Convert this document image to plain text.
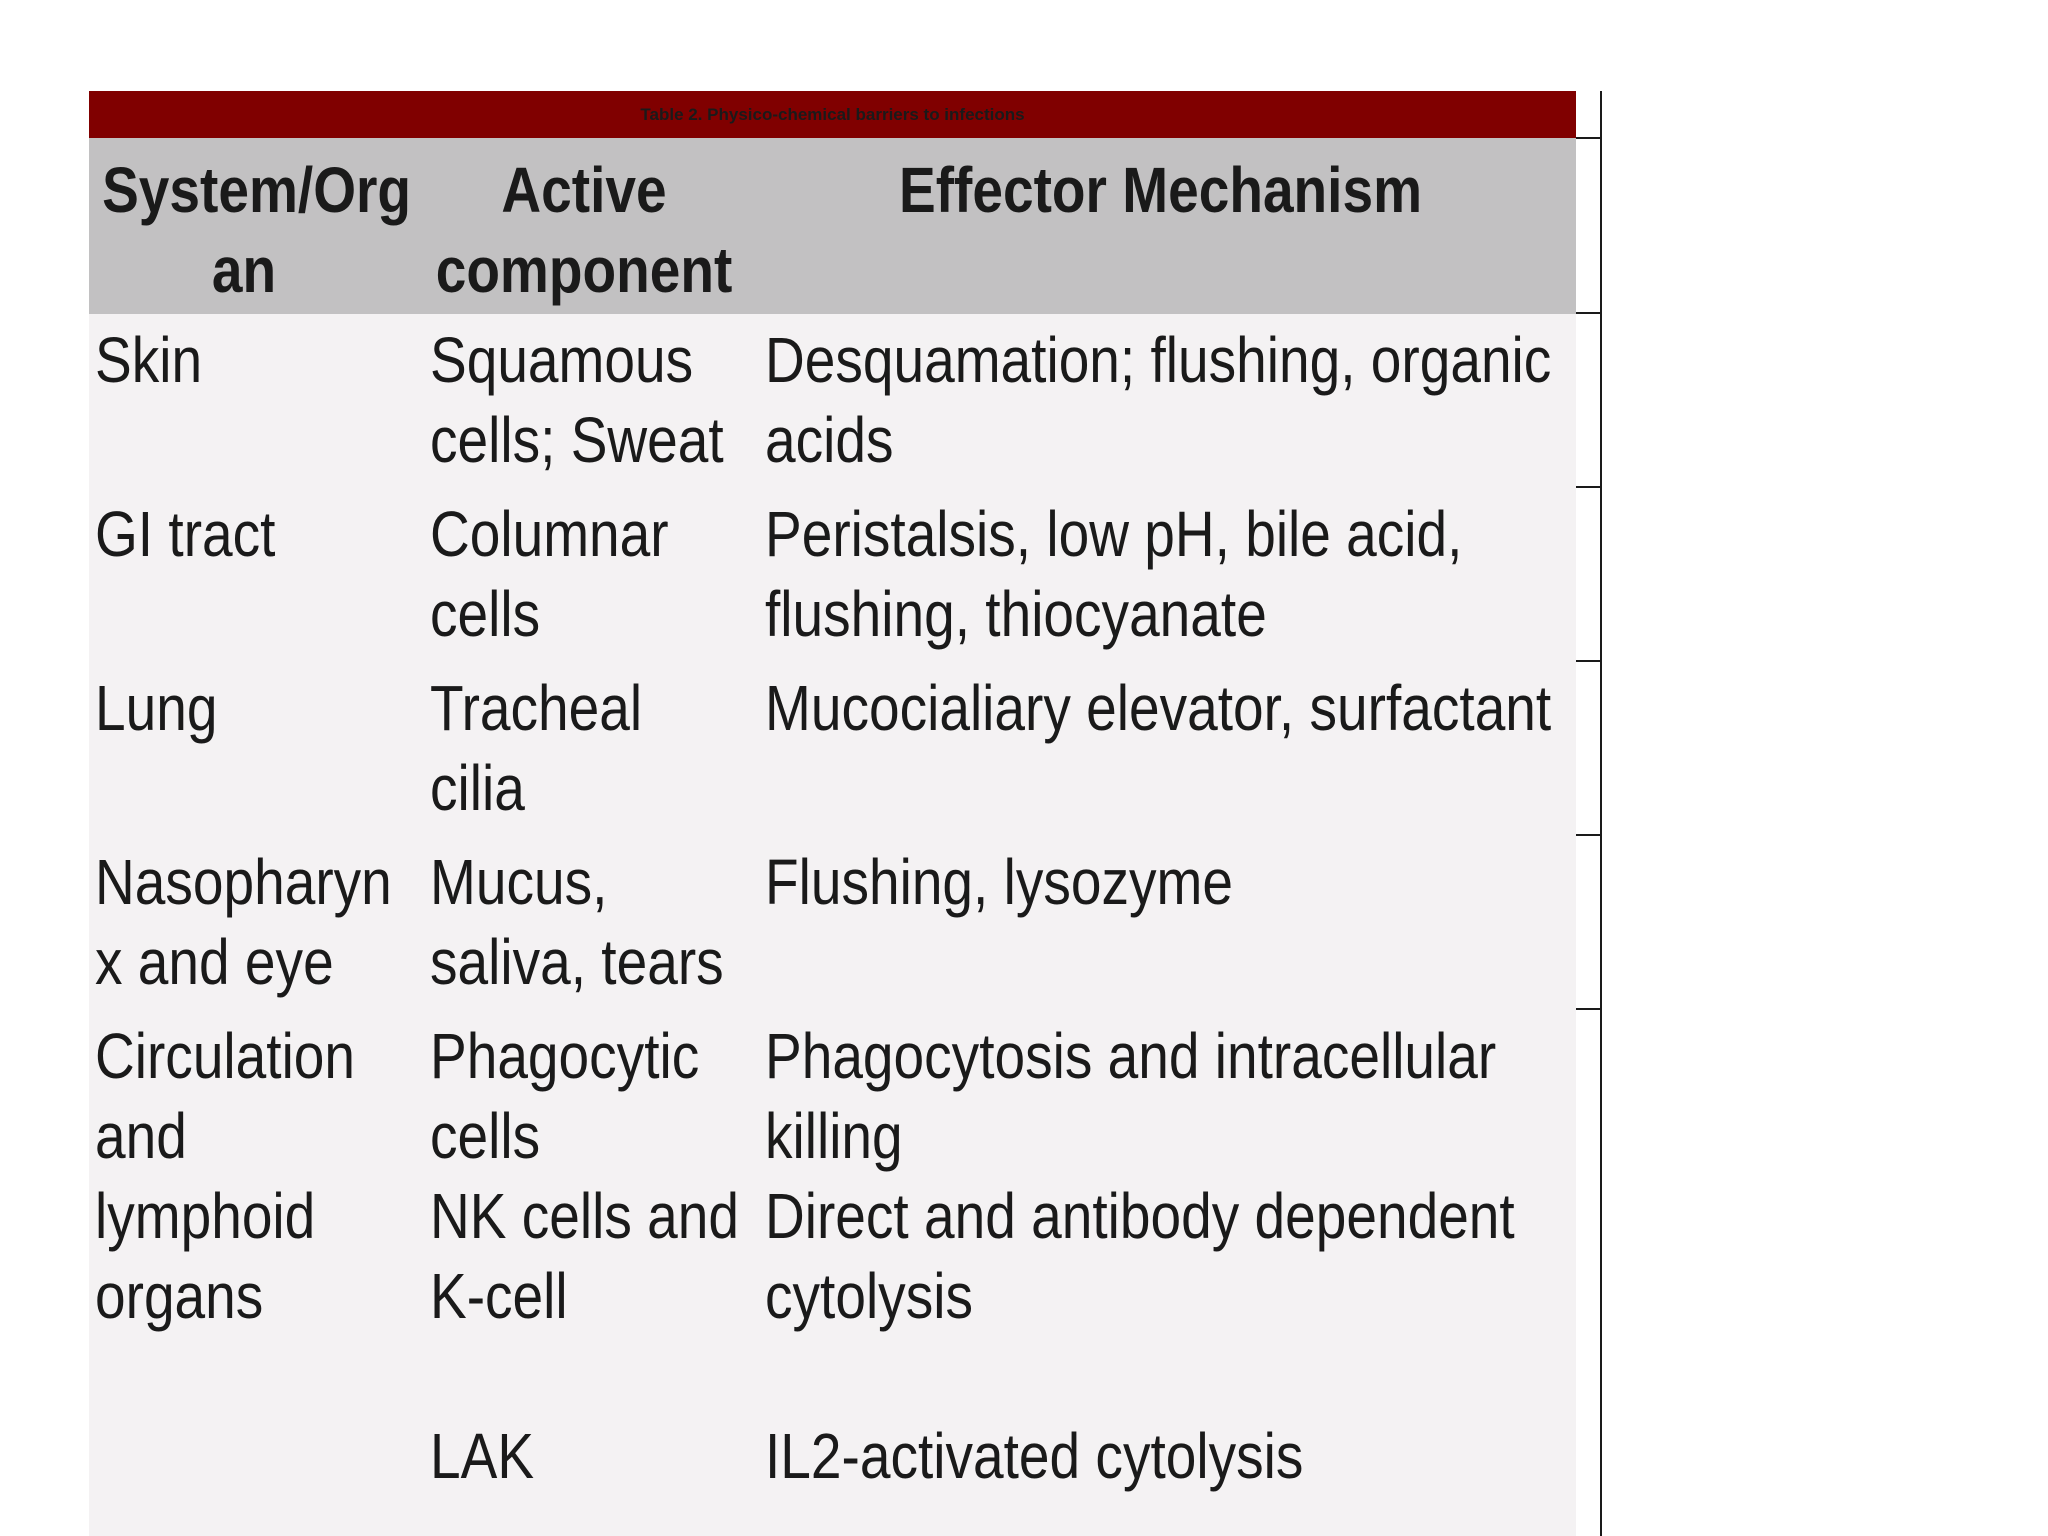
Table 2. Physico-chemical barriers to infections
System/Org
an
Active
component
Effector Mechanism
Skin	Squamous
cells; Sweat
Desquamation; flushing, organic
acids
GI tract Columnar
cells
Peristalsis, low pH, bile acid,
flushing, thiocyanate
Lung	Tracheal
cilia
Mucocialiary elevator, surfactant
Nasopharyn
x and eye
Mucus,
saliva, tears
Flushing, lysozyme
Circulation
and
lymphoid
organs
Phagocytic
cells
NK cells and
K-cell
LAK
Phagocytosis and intracellular
killing
Direct and antibody dependent
cytolysis
IL2-activated cytolysis
